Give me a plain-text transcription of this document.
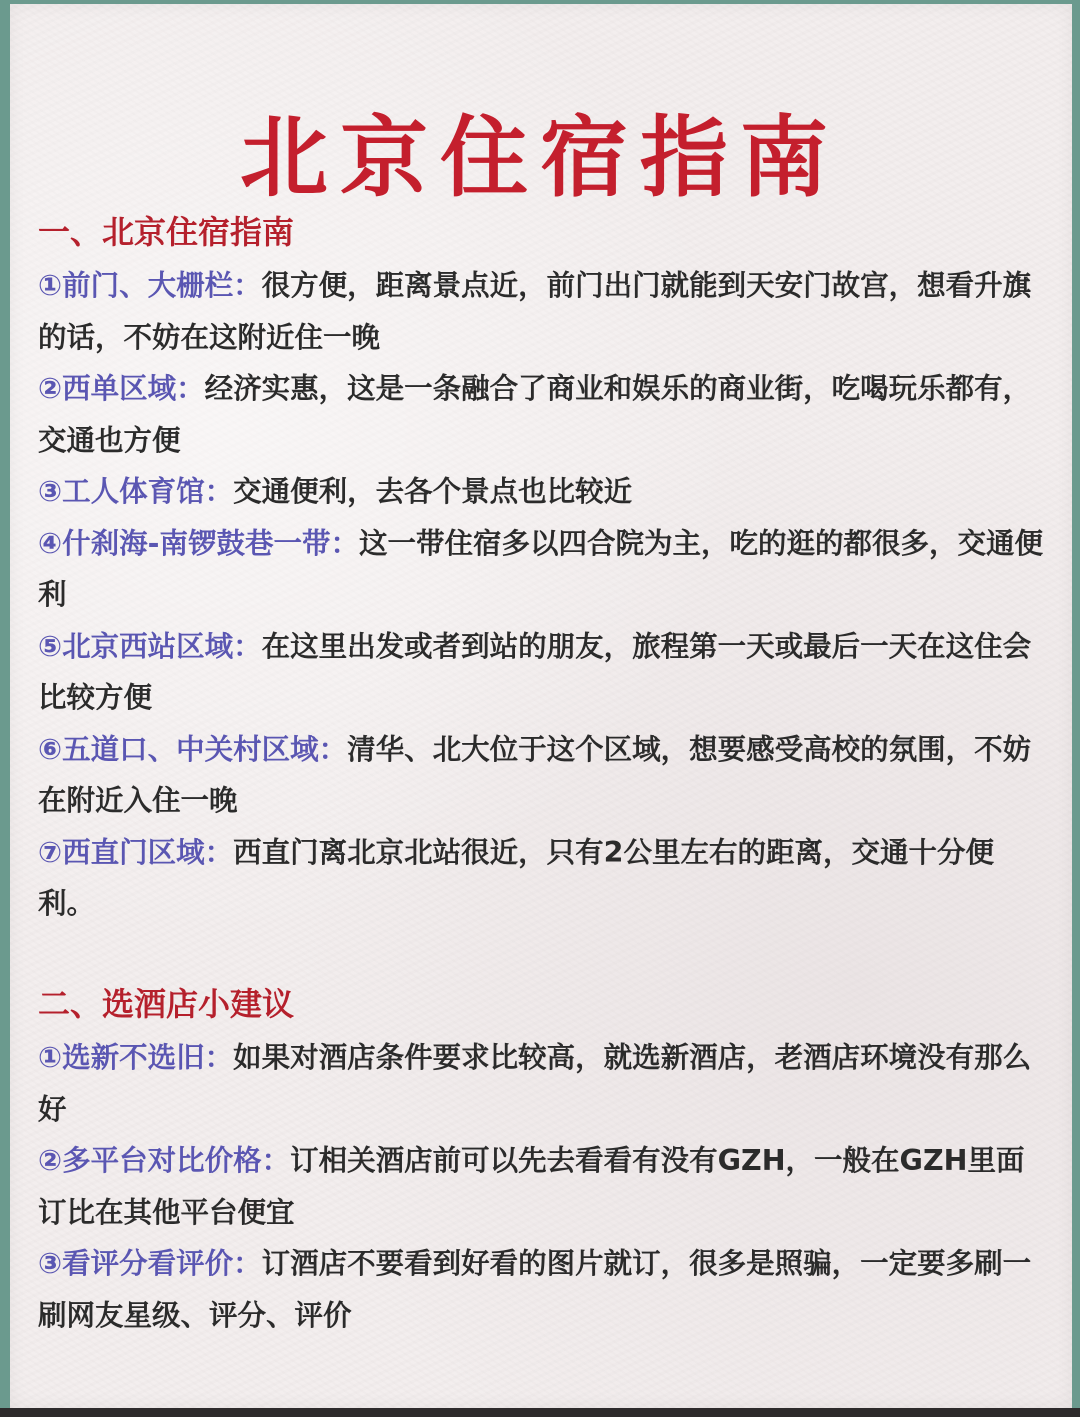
北京住宿指南
一、北京住宿指南

①前门、大栅栏：很方便，距离景点近，前门出门就能到天安门故宫，想看升旗的话，不妨在这附近住一晚

②西单区域：经济实惠，这是一条融合了商业和娱乐的商业街，吃喝玩乐都有，交通也方便

③工人体育馆：交通便利，去各个景点也比较近

④什刹海-南锣鼓巷一带：这一带住宿多以四合院为主，吃的逛的都很多，交通便利

⑤北京西站区域：在这里出发或者到站的朋友，旅程第一天或最后一天在这住会比较方便

⑥五道口、中关村区域：清华、北大位于这个区域，想要感受高校的氛围，不妨在附近入住一晚

⑦西直门区域：西直门离北京北站很近，只有2公里左右的距离，交通十分便利。

二、选酒店小建议

①选新不选旧：如果对酒店条件要求比较高，就选新酒店，老酒店环境没有那么好

②多平台对比价格：订相关酒店前可以先去看看有没有GZH，一般在GZH里面订比在其他平台便宜

③看评分看评价：订酒店不要看到好看的图片就订，很多是照骗，一定要多刷一刷网友星级、评分、评价
